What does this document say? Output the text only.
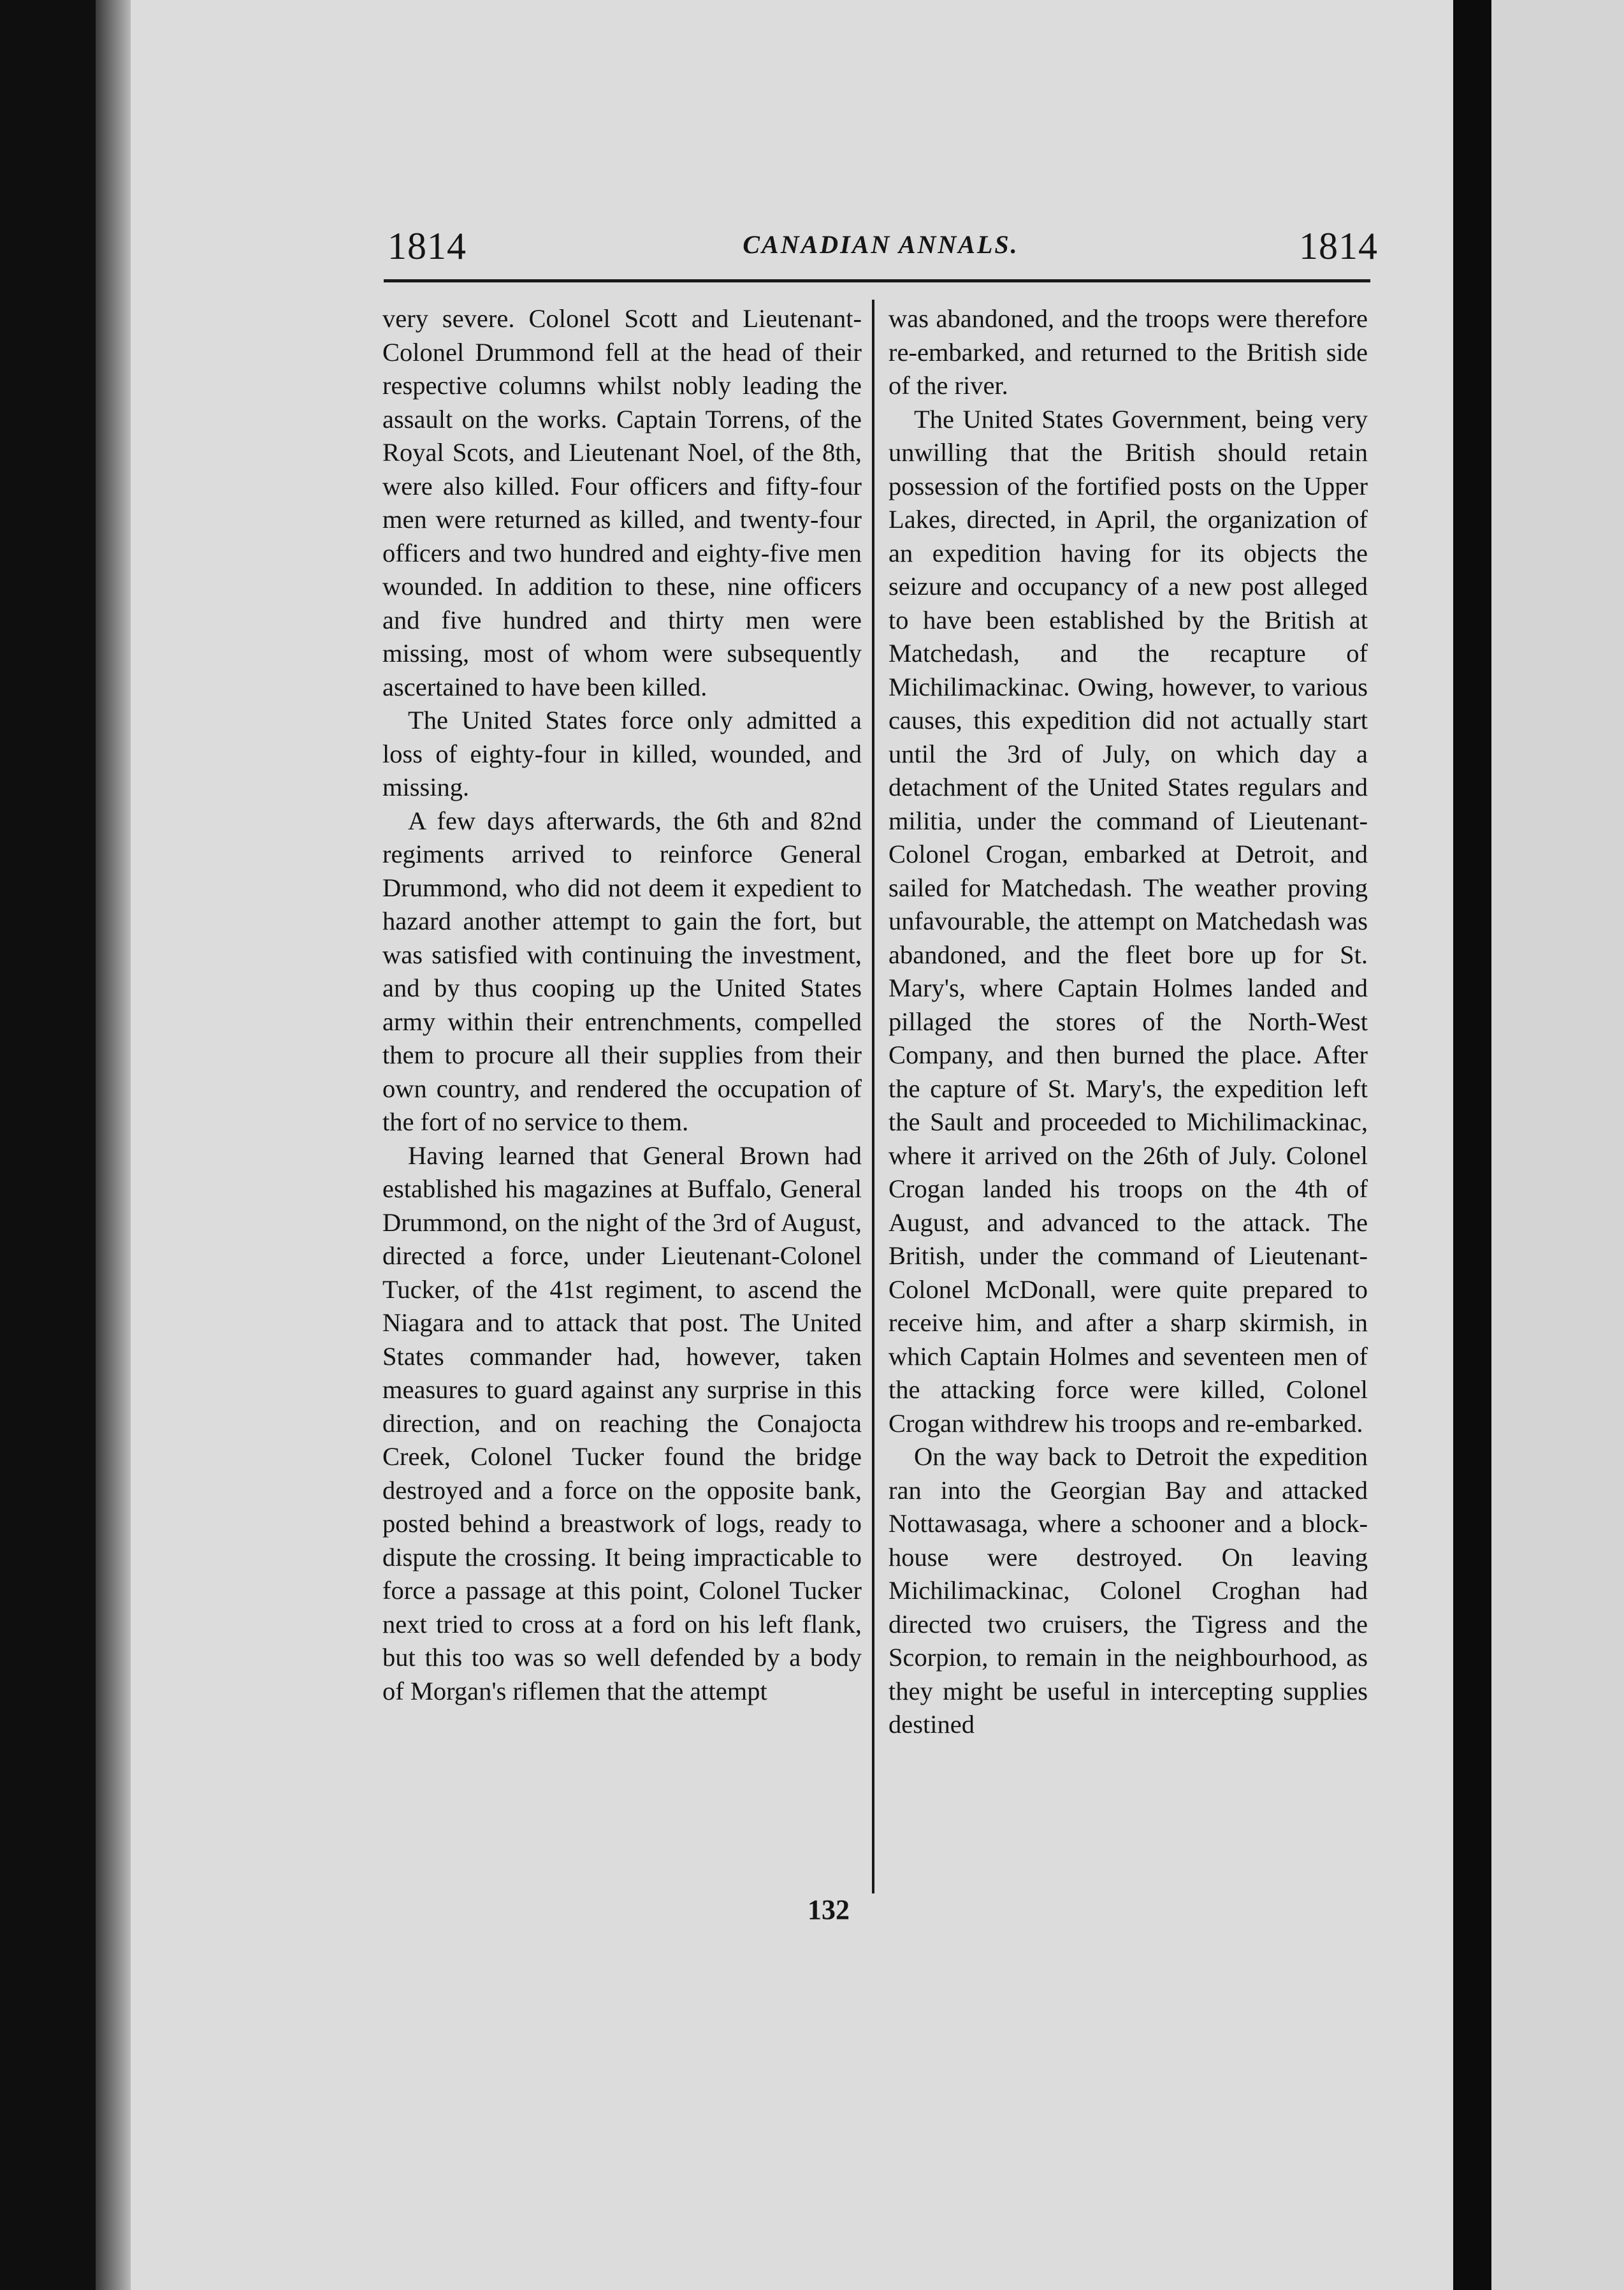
1814	CANADIAN ANNALS.	1814

very severe. Colonel Scott and Lieutenant-Colonel Drummond fell at the head of their respective columns whilst nobly leading the assault on the works. Captain Torrens, of the Royal Scots, and Lieutenant Noel, of the 8th, were also killed. Four officers and fifty-four men were returned as killed, and twenty-four officers and two hundred and eighty-five men wounded. In addition to these, nine officers and five hundred and thirty men were missing, most of whom were subsequently ascertained to have been killed.

The United States force only admitted a loss of eighty-four in killed, wounded, and missing.

A few days afterwards, the 6th and 82nd regiments arrived to reinforce General Drummond, who did not deem it expedient to hazard another attempt to gain the fort, but was satisfied with continuing the investment, and by thus cooping up the United States army within their entrenchments, compelled them to procure all their supplies from their own country, and rendered the occupation of the fort of no service to them.

Having learned that General Brown had established his magazines at Buffalo, General Drummond, on the night of the 3rd of August, directed a force, under Lieutenant-Colonel Tucker, of the 41st regiment, to ascend the Niagara and to attack that post. The United States commander had, however, taken measures to guard against any surprise in this direction, and on reaching the Conajocta Creek, Colonel Tucker found the bridge destroyed and a force on the opposite bank, posted behind a breastwork of logs, ready to dispute the crossing. It being impracticable to force a passage at this point, Colonel Tucker next tried to cross at a ford on his left flank, but this too was so well defended by a body of Morgan's riflemen that the attempt

was abandoned, and the troops were therefore re-embarked, and returned to the British side of the river.

The United States Government, being very unwilling that the British should retain possession of the fortified posts on the Upper Lakes, directed, in April, the organization of an expedition having for its objects the seizure and occupancy of a new post alleged to have been established by the British at Matchedash, and the recapture of Michilimackinac. Owing, however, to various causes, this expedition did not actually start until the 3rd of July, on which day a detachment of the United States regulars and militia, under the command of Lieutenant-Colonel Crogan, embarked at Detroit, and sailed for Matchedash. The weather proving unfavourable, the attempt on Matchedash was abandoned, and the fleet bore up for St. Mary's, where Captain Holmes landed and pillaged the stores of the North-West Company, and then burned the place. After the capture of St. Mary's, the expedition left the Sault and proceeded to Michilimackinac, where it arrived on the 26th of July. Colonel Crogan landed his troops on the 4th of August, and advanced to the attack. The British, under the command of Lieutenant-Colonel McDonall, were quite prepared to receive him, and after a sharp skirmish, in which Captain Holmes and seventeen men of the attacking force were killed, Colonel Crogan withdrew his troops and re-embarked.

On the way back to Detroit the expedition ran into the Georgian Bay and attacked Nottawasaga, where a schooner and a block-house were destroyed. On leaving Michilimackinac, Colonel Croghan had directed two cruisers, the Tigress and the Scorpion, to remain in the neighbourhood, as they might be useful in intercepting supplies destined

132
